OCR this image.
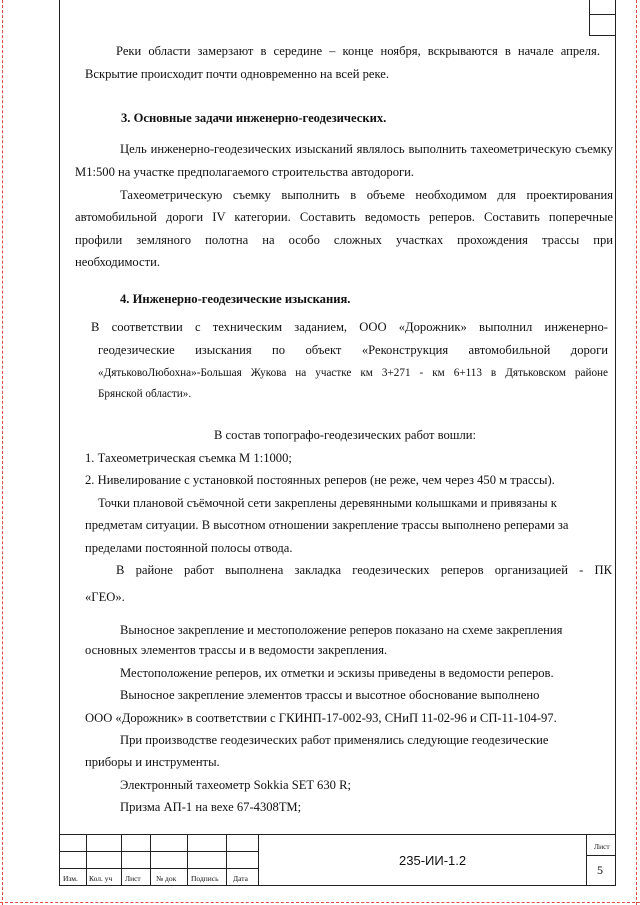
Реки области замерзают в середине – конце ноября, вскрываются в начале апреля.
Вскрытие происходит почти одновременно на всей реке.
3. Основные задачи инженерно-геодезических.
Цель инженерно-геодезических изысканий являлось выполнить тахеометрическую съемку
М1:500 на участке предполагаемого строительства автодороги.
Тахеометрическую съемку выполнить в объеме необходимом для проектирования
автомобильной дороги IV категории. Составить ведомость реперов. Составить поперечные
профили земляного полотна на особо сложных участках прохождения трассы при
необходимости.
4. Инженерно-геодезические изыскания.
В соответствии с техническим заданием, ООО «Дорожник» выполнил инженерно-
геодезические изыскания по объект «Реконструкция автомобильной дороги
«ДятьковоЛюбохна»-Большая Жукова на участке км 3+271 - км 6+113 в Дятьковском районе
Брянской области».
В состав топографо-геодезических работ вошли:
1. Тахеометрическая съемка М 1:1000;
2. Нивелирование с установкой постоянных реперов (не реже, чем через 450 м трассы).
Точки плановой съёмочной сети закреплены деревянными колышками и привязаны к
предметам ситуации. В высотном отношении закрепление трассы выполнено реперами за
пределами постоянной полосы отвода.
В районе работ выполнена закладка геодезических реперов организацией - ПК
«ГЕО».
Выносное закрепление и местоположение реперов показано на схеме закрепления
основных элементов трассы и в ведомости закрепления.
Местоположение реперов, их отметки и эскизы приведены в ведомости реперов.
Выносное закрепление элементов трассы и высотное обоснование выполнено
ООО «Дорожник» в соответствии с ГКИНП-17-002-93, СНиП 11-02-96 и СП-11-104-97.
При производстве геодезических работ применялись следующие геодезические
приборы и инструменты.
Электронный тахеометр Sokkia SET 630 R;
Призма АП-1 на вехе 67-4308ТМ;
Изм. Кол. уч Лист № док Подпись Дата
235-ИИ-1.2
Лист
5
